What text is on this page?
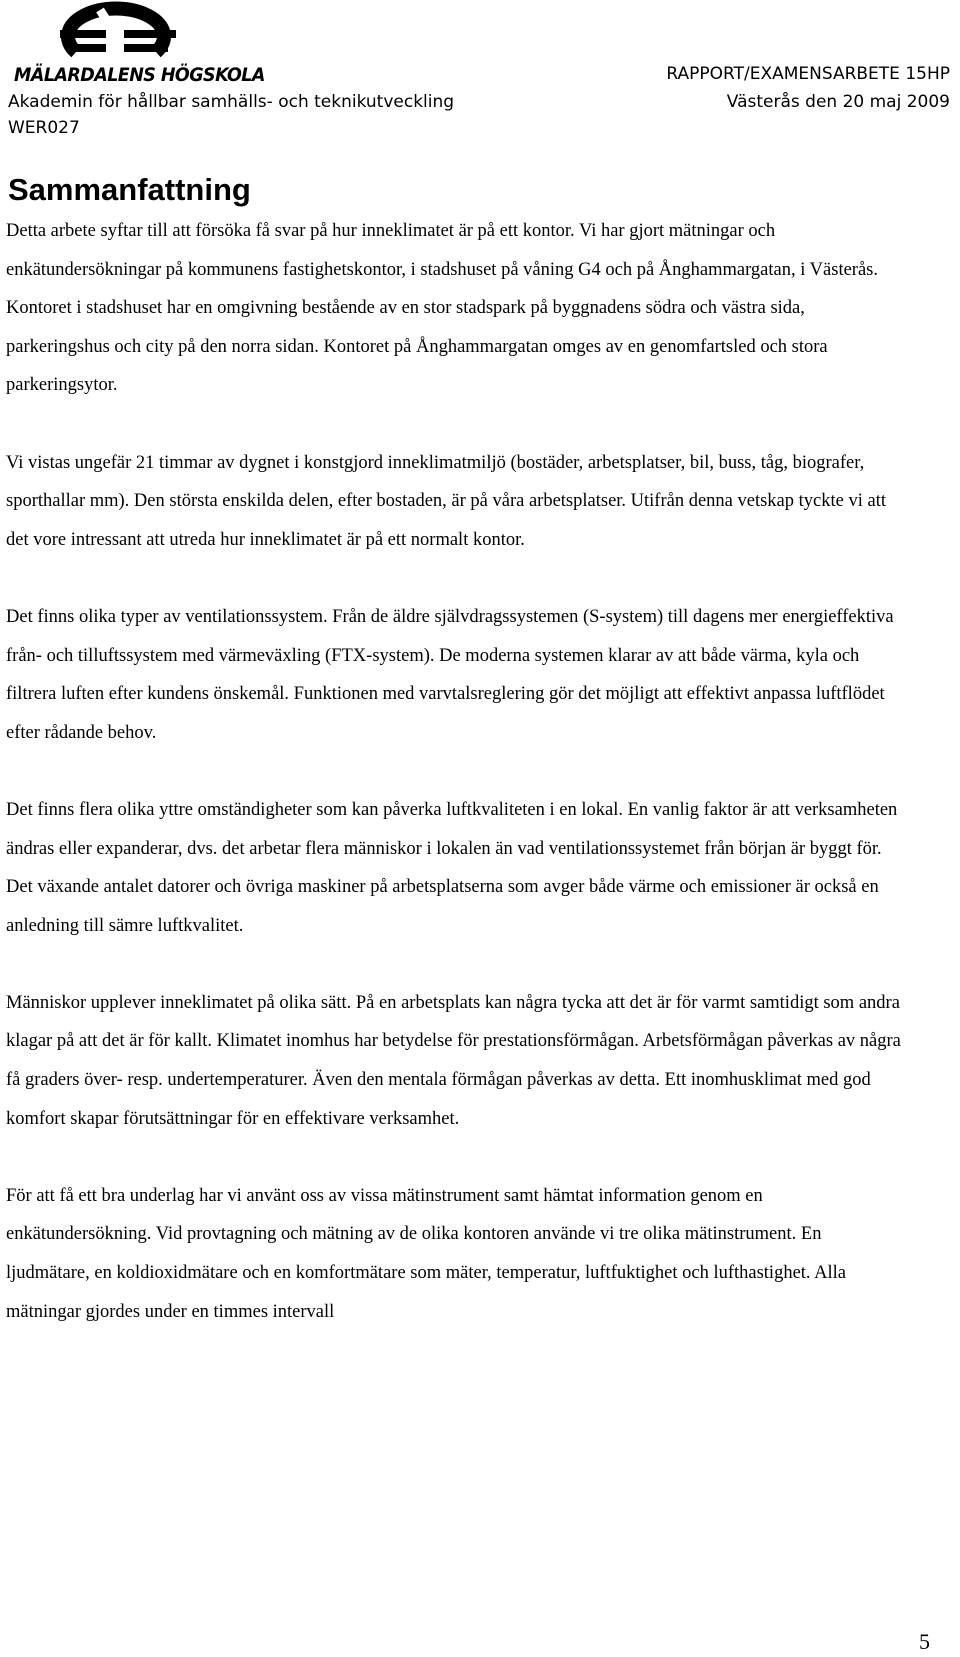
MÄLARDALENS HÖGSKOLA
Akademin för hållbar samhälls- och teknikutveckling
WER027
RAPPORT/EXAMENSARBETE 15HP
Västerås den 20 maj 2009
Sammanfattning

Detta arbete syftar till att försöka få svar på hur inneklimatet är på ett kontor. Vi har gjort mätningar och enkätundersökningar på kommunens fastighetskontor, i stadshuset på våning G4 och på Ånghammargatan, i Västerås. Kontoret i stadshuset har en omgivning bestående av en stor stadspark på byggnadens södra och västra sida, parkeringshus och city på den norra sidan. Kontoret på Ånghammargatan omges av en genomfartsled och stora parkeringsytor.

Vi vistas ungefär 21 timmar av dygnet i konstgjord inneklimatmiljö (bostäder, arbetsplatser, bil, buss, tåg, biografer, sporthallar mm). Den största enskilda delen, efter bostaden, är på våra arbetsplatser. Utifrån denna vetskap tyckte vi att det vore intressant att utreda hur inneklimatet är på ett normalt kontor.

Det finns olika typer av ventilationssystem. Från de äldre självdragssystemen (S-system) till dagens mer energieffektiva från- och tilluftssystem med värmeväxling (FTX-system). De moderna systemen klarar av att både värma, kyla och filtrera luften efter kundens önskemål. Funktionen med varvtalsreglering gör det möjligt att effektivt anpassa luftflödet efter rådande behov.

Det finns flera olika yttre omständigheter som kan påverka luftkvaliteten i en lokal. En vanlig faktor är att verksamheten ändras eller expanderar, dvs. det arbetar flera människor i lokalen än vad ventilationssystemet från början är byggt för. Det växande antalet datorer och övriga maskiner på arbetsplatserna som avger både värme och emissioner är också en anledning till sämre luftkvalitet.

Människor upplever inneklimatet på olika sätt. På en arbetsplats kan några tycka att det är för varmt samtidigt som andra klagar på att det är för kallt. Klimatet inomhus har betydelse för prestationsförmågan. Arbetsförmågan påverkas av några få graders över- resp. undertemperaturer. Även den mentala förmågan påverkas av detta. Ett inomhusklimat med god komfort skapar förutsättningar för en effektivare verksamhet.

För att få ett bra underlag har vi använt oss av vissa mätinstrument samt hämtat information genom en enkätundersökning. Vid provtagning och mätning av de olika kontoren använde vi tre olika mätinstrument. En ljudmätare, en koldioxidmätare och en komfortmätare som mäter, temperatur, luftfuktighet och lufthastighet. Alla mätningar gjordes under en timmes intervall

5
